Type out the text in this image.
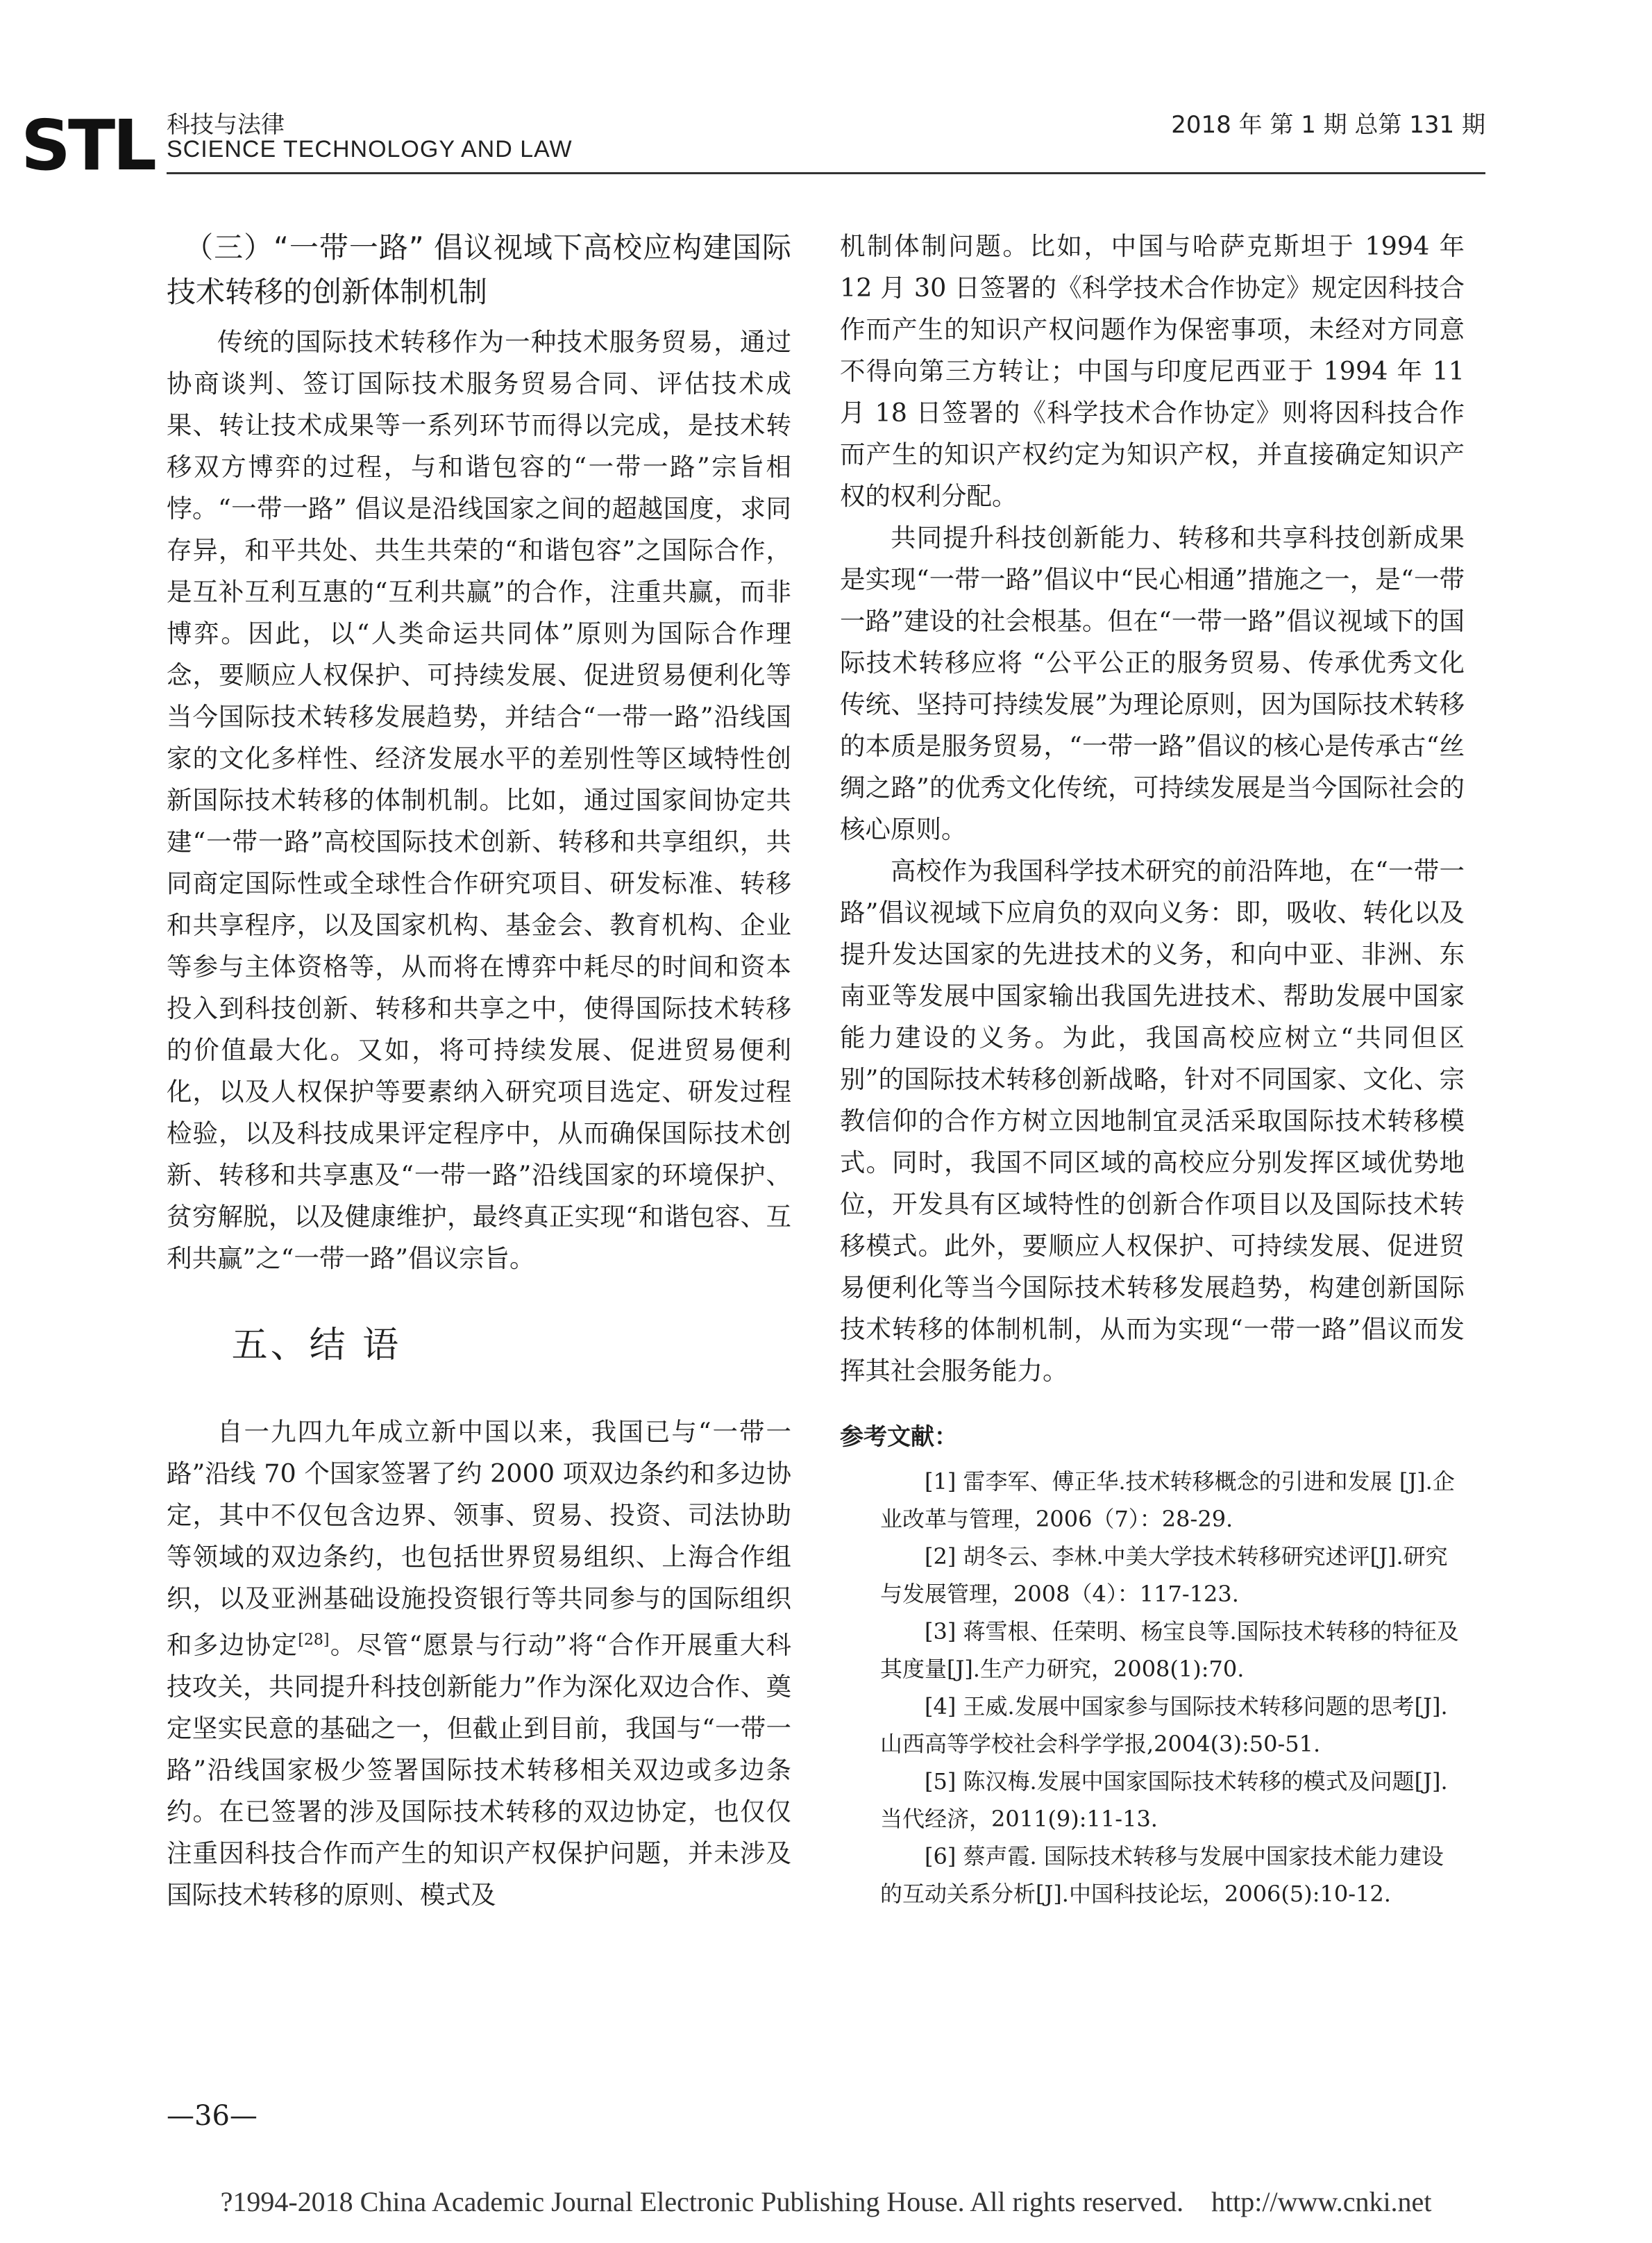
STL 科技与法律
SCIENCE TECHNOLOGY AND LAW
2018 年 第 1 期 总第 131 期
（三）“一带一路” 倡议视域下高校应构建国际技术转移的创新体制机制

传统的国际技术转移作为一种技术服务贸易，通过协商谈判、签订国际技术服务贸易合同、评估技术成果、转让技术成果等一系列环节而得以完成，是技术转移双方博弈的过程，与和谐包容的“一带一路”宗旨相悖。“一带一路” 倡议是沿线国家之间的超越国度，求同存异，和平共处、共生共荣的“和谐包容”之国际合作，是互补互利互惠的“互利共赢”的合作，注重共赢，而非博弈。因此，以“人类命运共同体”原则为国际合作理念，要顺应人权保护、可持续发展、促进贸易便利化等当今国际技术转移发展趋势，并结合“一带一路”沿线国家的文化多样性、经济发展水平的差别性等区域特性创新国际技术转移的体制机制。比如，通过国家间协定共建“一带一路”高校国际技术创新、转移和共享组织，共同商定国际性或全球性合作研究项目、研发标准、转移和共享程序，以及国家机构、基金会、教育机构、企业等参与主体资格等，从而将在博弈中耗尽的时间和资本投入到科技创新、转移和共享之中，使得国际技术转移的价值最大化。又如，将可持续发展、促进贸易便利化，以及人权保护等要素纳入研究项目选定、研发过程检验，以及科技成果评定程序中，从而确保国际技术创新、转移和共享惠及“一带一路”沿线国家的环境保护、贫穷解脱，以及健康维护，最终真正实现“和谐包容、互利共赢”之“一带一路”倡议宗旨。

五、结 语

自一九四九年成立新中国以来，我国已与“一带一路”沿线 70 个国家签署了约 2000 项双边条约和多边协定，其中不仅包含边界、领事、贸易、投资、司法协助等领域的双边条约，也包括世界贸易组织、上海合作组织，以及亚洲基础设施投资银行等共同参与的国际组织和多边协定[28]。尽管“愿景与行动”将“合作开展重大科技攻关，共同提升科技创新能力”作为深化双边合作、奠定坚实民意的基础之一，但截止到目前，我国与“一带一路”沿线国家极少签署国际技术转移相关双边或多边条约。在已签署的涉及国际技术转移的双边协定，也仅仅注重因科技合作而产生的知识产权保护问题，并未涉及国际技术转移的原则、模式及

机制体制问题。比如，中国与哈萨克斯坦于 1994 年 12 月 30 日签署的《科学技术合作协定》规定因科技合作而产生的知识产权问题作为保密事项，未经对方同意不得向第三方转让；中国与印度尼西亚于 1994 年 11 月 18 日签署的《科学技术合作协定》则将因科技合作而产生的知识产权约定为知识产权，并直接确定知识产权的权利分配。

共同提升科技创新能力、转移和共享科技创新成果是实现“一带一路”倡议中“民心相通”措施之一，是“一带一路”建设的社会根基。但在“一带一路”倡议视域下的国际技术转移应将 “公平公正的服务贸易、传承优秀文化传统、坚持可持续发展”为理论原则，因为国际技术转移的本质是服务贸易，“一带一路”倡议的核心是传承古“丝绸之路”的优秀文化传统，可持续发展是当今国际社会的核心原则。

高校作为我国科学技术研究的前沿阵地，在“一带一路”倡议视域下应肩负的双向义务：即，吸收、转化以及提升发达国家的先进技术的义务，和向中亚、非洲、东南亚等发展中国家输出我国先进技术、帮助发展中国家能力建设的义务。为此，我国高校应树立“共同但区别”的国际技术转移创新战略，针对不同国家、文化、宗教信仰的合作方树立因地制宜灵活采取国际技术转移模式。同时，我国不同区域的高校应分别发挥区域优势地位，开发具有区域特性的创新合作项目以及国际技术转移模式。此外，要顺应人权保护、可持续发展、促进贸易便利化等当今国际技术转移发展趋势，构建创新国际技术转移的体制机制，从而为实现“一带一路”倡议而发挥其社会服务能力。

参考文献：

[1] 雷李军、傅正华.技术转移概念的引进和发展 [J].企业改革与管理，2006（7）：28-29.

[2] 胡冬云、李林.中美大学技术转移研究述评[J].研究与发展管理，2008（4）：117-123.

[3] 蒋雪根、任荣明、杨宝良等.国际技术转移的特征及其度量[J].生产力研究，2008(1):70.

[4] 王威.发展中国家参与国际技术转移问题的思考[J].山西高等学校社会科学学报,2004(3):50-51.

[5] 陈汉梅.发展中国家国际技术转移的模式及问题[J].当代经济，2011(9):11-13.

[6] 蔡声霞. 国际技术转移与发展中国家技术能力建设的互动关系分析[J].中国科技论坛，2006(5):10-12.

—36—
?1994-2018 China Academic Journal Electronic Publishing House. All rights reserved.    http://www.cnki.net
